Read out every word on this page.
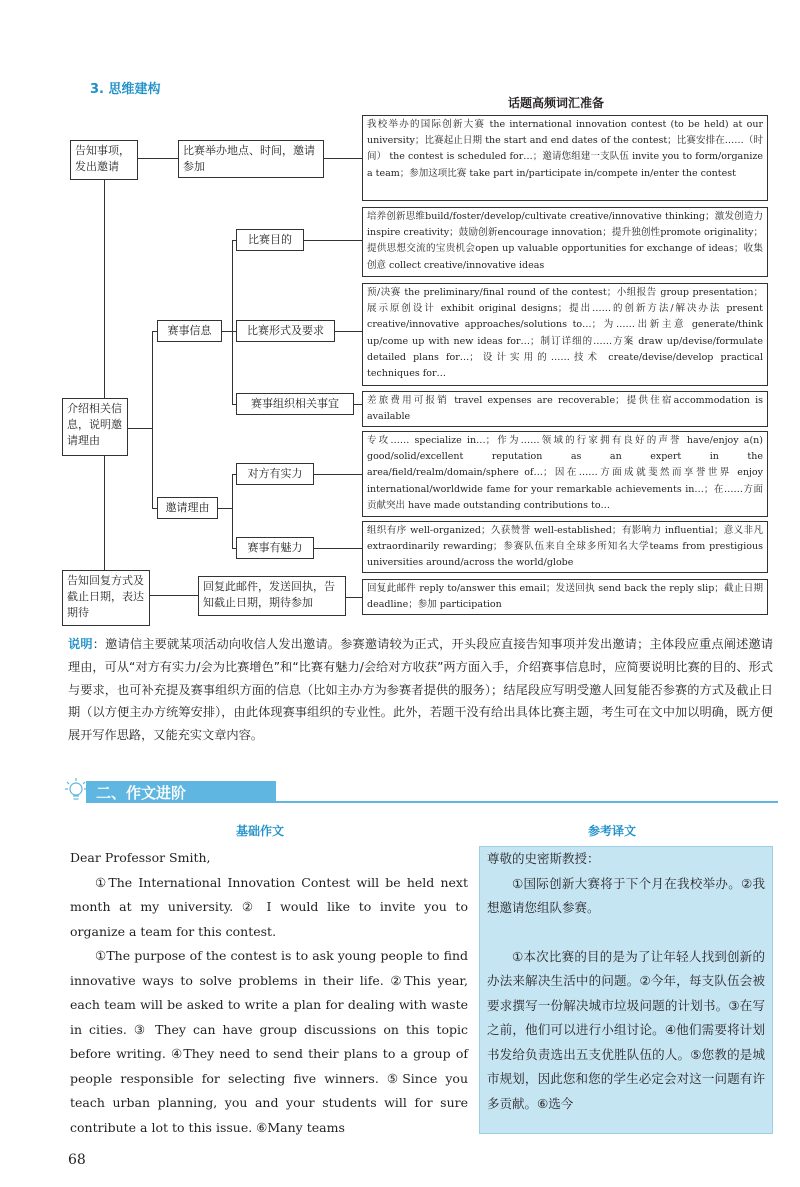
3. 思维建构
话题高频词汇准备
告知事项，发出邀请
介绍相关信息，说明邀请理由
告知回复方式及截止日期，表达期待
比赛举办地点、时间，邀请参加
赛事信息
邀请理由
回复此邮件，发送回执，告知截止日期，期待参加
比赛目的
比赛形式及要求
赛事组织相关事宜
对方有实力
赛事有魅力
我校举办的国际创新大赛 the international innovation contest (to be held) at our university；比赛起止日期 the start and end dates of the contest；比赛安排在……（时间） the contest is scheduled for…；邀请您组建一支队伍 invite you to form/organize a team；参加这项比赛 take part in/participate in/compete in/enter the contest
培养创新思维build/foster/develop/cultivate creative/innovative thinking；激发创造力inspire creativity；鼓励创新encourage innovation；提升独创性promote originality；提供思想交流的宝贵机会open up valuable opportunities for exchange of ideas；收集创意 collect creative/innovative ideas
预/决赛 the preliminary/final round of the contest；小组报告 group presentation；展示原创设计 exhibit original designs；提出……的创新方法/解决办法 present creative/innovative approaches/solutions to…；为……出新主意 generate/think up/come up with new ideas for…；制订详细的……方案 draw up/devise/formulate detailed plans for…；设计实用的……技术 create/devise/develop practical techniques for…
差旅费用可报销 travel expenses are recoverable；提供住宿accommodation is available
专攻…… specialize in…；作为……领域的行家拥有良好的声誉 have/enjoy a(n) good/solid/excellent reputation as an expert in the area/field/realm/domain/sphere of…；因在……方面成就斐然而享誉世界 enjoy international/worldwide fame for your remarkable achievements in…；在……方面贡献突出 have made outstanding contributions to…
组织有序 well-organized；久获赞誉 well-established；有影响力 influential；意义非凡 extraordinarily rewarding；参赛队伍来自全球多所知名大学teams from prestigious universities around/across the world/globe
回复此邮件 reply to/answer this email；发送回执 send back the reply slip；截止日期 deadline；参加 participation
说明：邀请信主要就某项活动向收信人发出邀请。参赛邀请较为正式，开头段应直接告知事项并发出邀请；主体段应重点阐述邀请理由，可从“对方有实力/会为比赛增色”和“比赛有魅力/会给对方收获”两方面入手，介绍赛事信息时，应简要说明比赛的目的、形式与要求，也可补充提及赛事组织方面的信息（比如主办方为参赛者提供的服务）；结尾段应写明受邀人回复能否参赛的方式及截止日期（以方便主办方统筹安排），由此体现赛事组织的专业性。此外，若题干没有给出具体比赛主题，考生可在文中加以明确，既方便展开写作思路，又能充实文章内容。
二、作文进阶
基础作文	参考译文

Dear Professor Smith,

①The International Innovation Contest will be held next month at my university. ② I would like to invite you to organize a team for this contest.

①The purpose of the contest is to ask young people to find innovative ways to solve problems in their life. ②This year, each team will be asked to write a plan for dealing with waste in cities. ③ They can have group discussions on this topic before writing. ④They need to send their plans to a group of people responsible for selecting five winners. ⑤Since you teach urban planning, you and your students will for sure contribute a lot to this issue. ⑥Many teams

尊敬的史密斯教授：

①国际创新大赛将于下个月在我校举办。②我想邀请您组队参赛。

①本次比赛的目的是为了让年轻人找到创新的办法来解决生活中的问题。②今年，每支队伍会被要求撰写一份解决城市垃圾问题的计划书。③在写之前，他们可以进行小组讨论。④他们需要将计划书发给负责选出五支优胜队伍的人。⑤您教的是城市规划，因此您和您的学生必定会对这一问题有许多贡献。⑥选今

68
